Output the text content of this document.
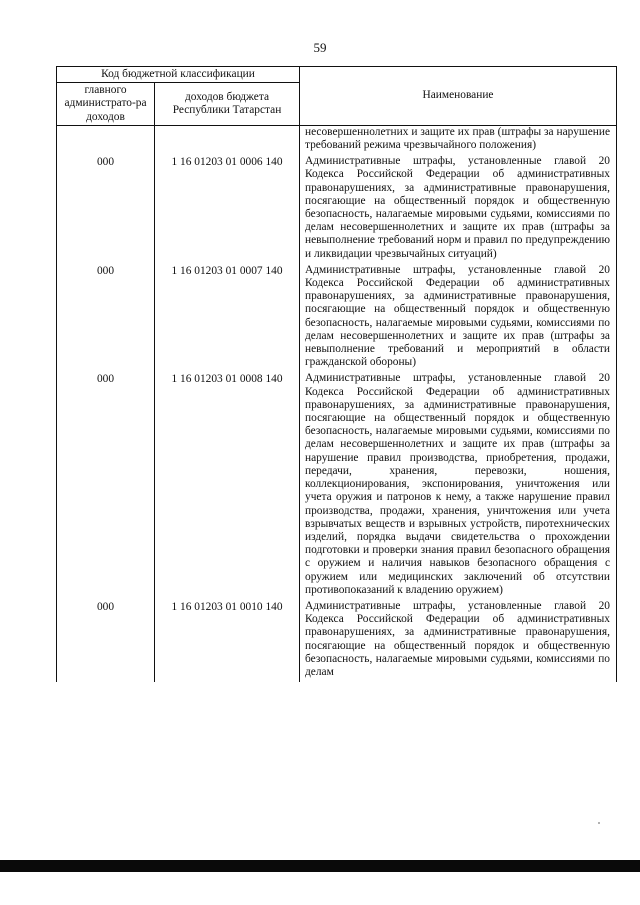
59
Код бюджетной классификации		Наименование
главного администрато-ра доходов	доходов бюджета Республики Татарстан	
		несовершеннолетних и защите их прав (штрафы за нарушение требований режима чрезвычайного положения)
000	1 16 01203 01 0006 140	Административные штрафы, установленные главой 20 Кодекса Российской Федерации об административных правонарушениях, за административные правонарушения, посягающие на общественный порядок и общественную безопасность, налагаемые мировыми судьями, комиссиями по делам несовершеннолетних и защите их прав (штрафы за невыполнение требований норм и правил по предупреждению и ликвидации чрезвычайных ситуаций)
000	1 16 01203 01 0007 140	Административные штрафы, установленные главой 20 Кодекса Российской Федерации об административных правонарушениях, за административные правонарушения, посягающие на общественный порядок и общественную безопасность, налагаемые мировыми судьями, комиссиями по делам несовершеннолетних и защите их прав (штрафы за невыполнение требований и мероприятий в области гражданской обороны)
000	1 16 01203 01 0008 140	Административные штрафы, установленные главой 20 Кодекса Российской Федерации об административных правонарушениях, за административные правонарушения, посягающие на общественный порядок и общественную безопасность, налагаемые мировыми судьями, комиссиями по делам несовершеннолетних и защите их прав (штрафы за нарушение правил производства, приобретения, продажи, передачи, хранения, перевозки, ношения, коллекционирования, экспонирования, уничтожения или учета оружия и патронов к нему, а также нарушение правил производства, продажи, хранения, уничтожения или учета взрывчатых веществ и взрывных устройств, пиротехнических изделий, порядка выдачи свидетельства о прохождении подготовки и проверки знания правил безопасного обращения с оружием и наличия навыков безопасного обращения с оружием или медицинских заключений об отсутствии противопоказаний к владению оружием)
000	1 16 01203 01 0010 140	Административные штрафы, установленные главой 20 Кодекса Российской Федерации об административных правонарушениях, за административные правонарушения, посягающие на общественный порядок и общественную безопасность, налагаемые мировыми судьями, комиссиями по делам
